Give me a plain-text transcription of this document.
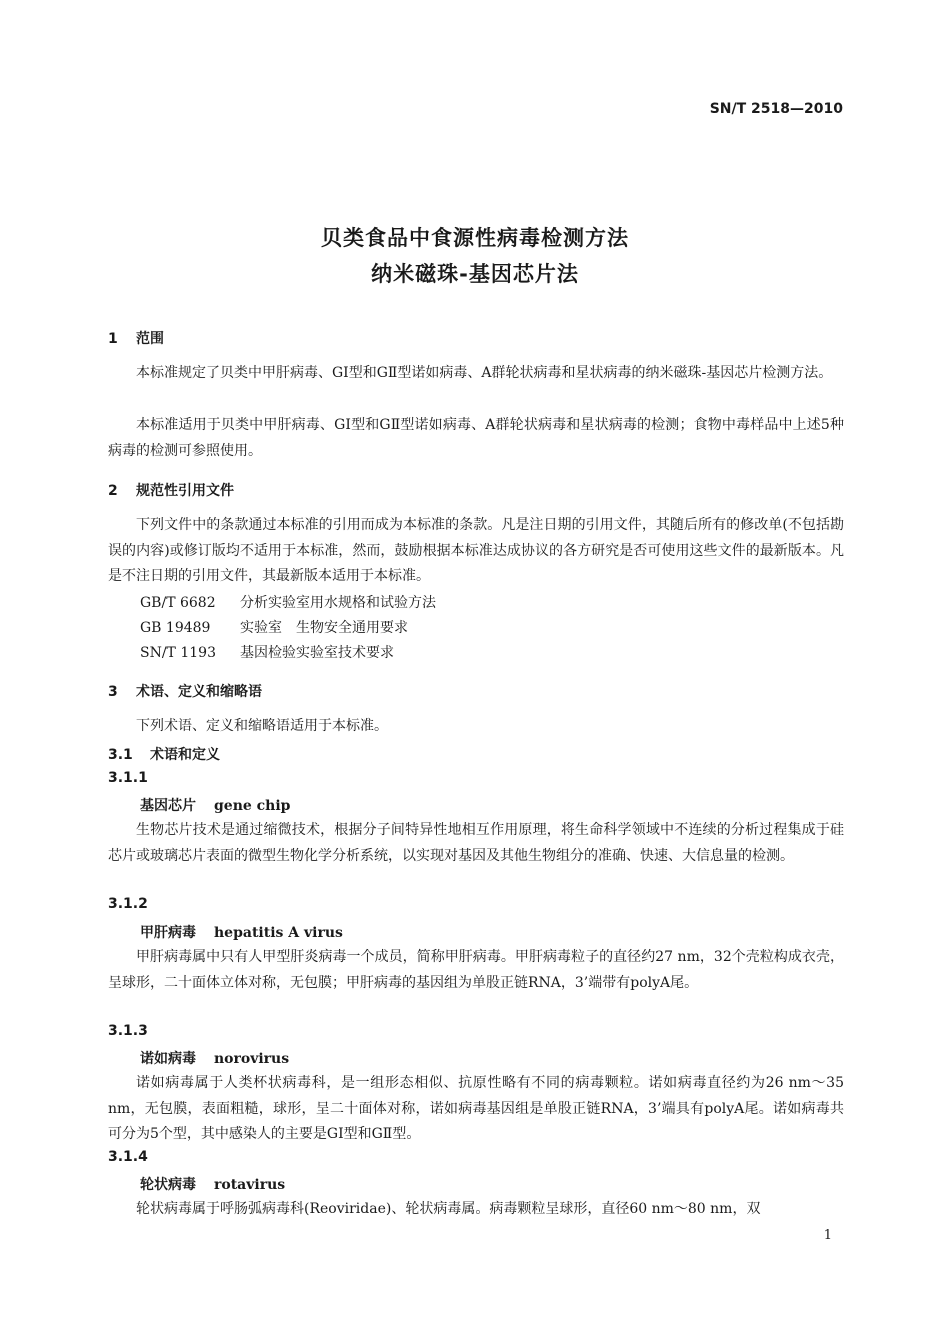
SN/T 2518—2010
贝类食品中食源性病毒检测方法
纳米磁珠-基因芯片法
1 范围
本标准规定了贝类中甲肝病毒、GⅠ型和GⅡ型诺如病毒、A群轮状病毒和星状病毒的纳米磁珠-基因芯片检测方法。
本标准适用于贝类中甲肝病毒、GⅠ型和GⅡ型诺如病毒、A群轮状病毒和星状病毒的检测；食物中毒样品中上述5种病毒的检测可参照使用。
2 规范性引用文件
下列文件中的条款通过本标准的引用而成为本标准的条款。凡是注日期的引用文件，其随后所有的修改单(不包括勘误的内容)或修订版均不适用于本标准，然而，鼓励根据本标准达成协议的各方研究是否可使用这些文件的最新版本。凡是不注日期的引用文件，其最新版本适用于本标准。
GB/T 6682 分析实验室用水规格和试验方法
GB 19489 实验室　生物安全通用要求
SN/T 1193 基因检验实验室技术要求
3 术语、定义和缩略语
下列术语、定义和缩略语适用于本标准。
3.1 术语和定义
3.1.1
基因芯片 gene chip
生物芯片技术是通过缩微技术，根据分子间特异性地相互作用原理，将生命科学领域中不连续的分析过程集成于硅芯片或玻璃芯片表面的微型生物化学分析系统，以实现对基因及其他生物组分的准确、快速、大信息量的检测。
3.1.2
甲肝病毒 hepatitis A virus
甲肝病毒属中只有人甲型肝炎病毒一个成员，简称甲肝病毒。甲肝病毒粒子的直径约27 nm，32个壳粒构成衣壳，呈球形，二十面体立体对称，无包膜；甲肝病毒的基因组为单股正链RNA，3’端带有polyA尾。
3.1.3
诺如病毒 norovirus
诺如病毒属于人类杯状病毒科，是一组形态相似、抗原性略有不同的病毒颗粒。诺如病毒直径约为26 nm～35 nm，无包膜，表面粗糙，球形，呈二十面体对称，诺如病毒基因组是单股正链RNA，3’端具有polyA尾。诺如病毒共可分为5个型，其中感染人的主要是GⅠ型和GⅡ型。
3.1.4
轮状病毒 rotavirus
轮状病毒属于呼肠弧病毒科(Reoviridae)、轮状病毒属。病毒颗粒呈球形，直径60 nm～80 nm，双
1
